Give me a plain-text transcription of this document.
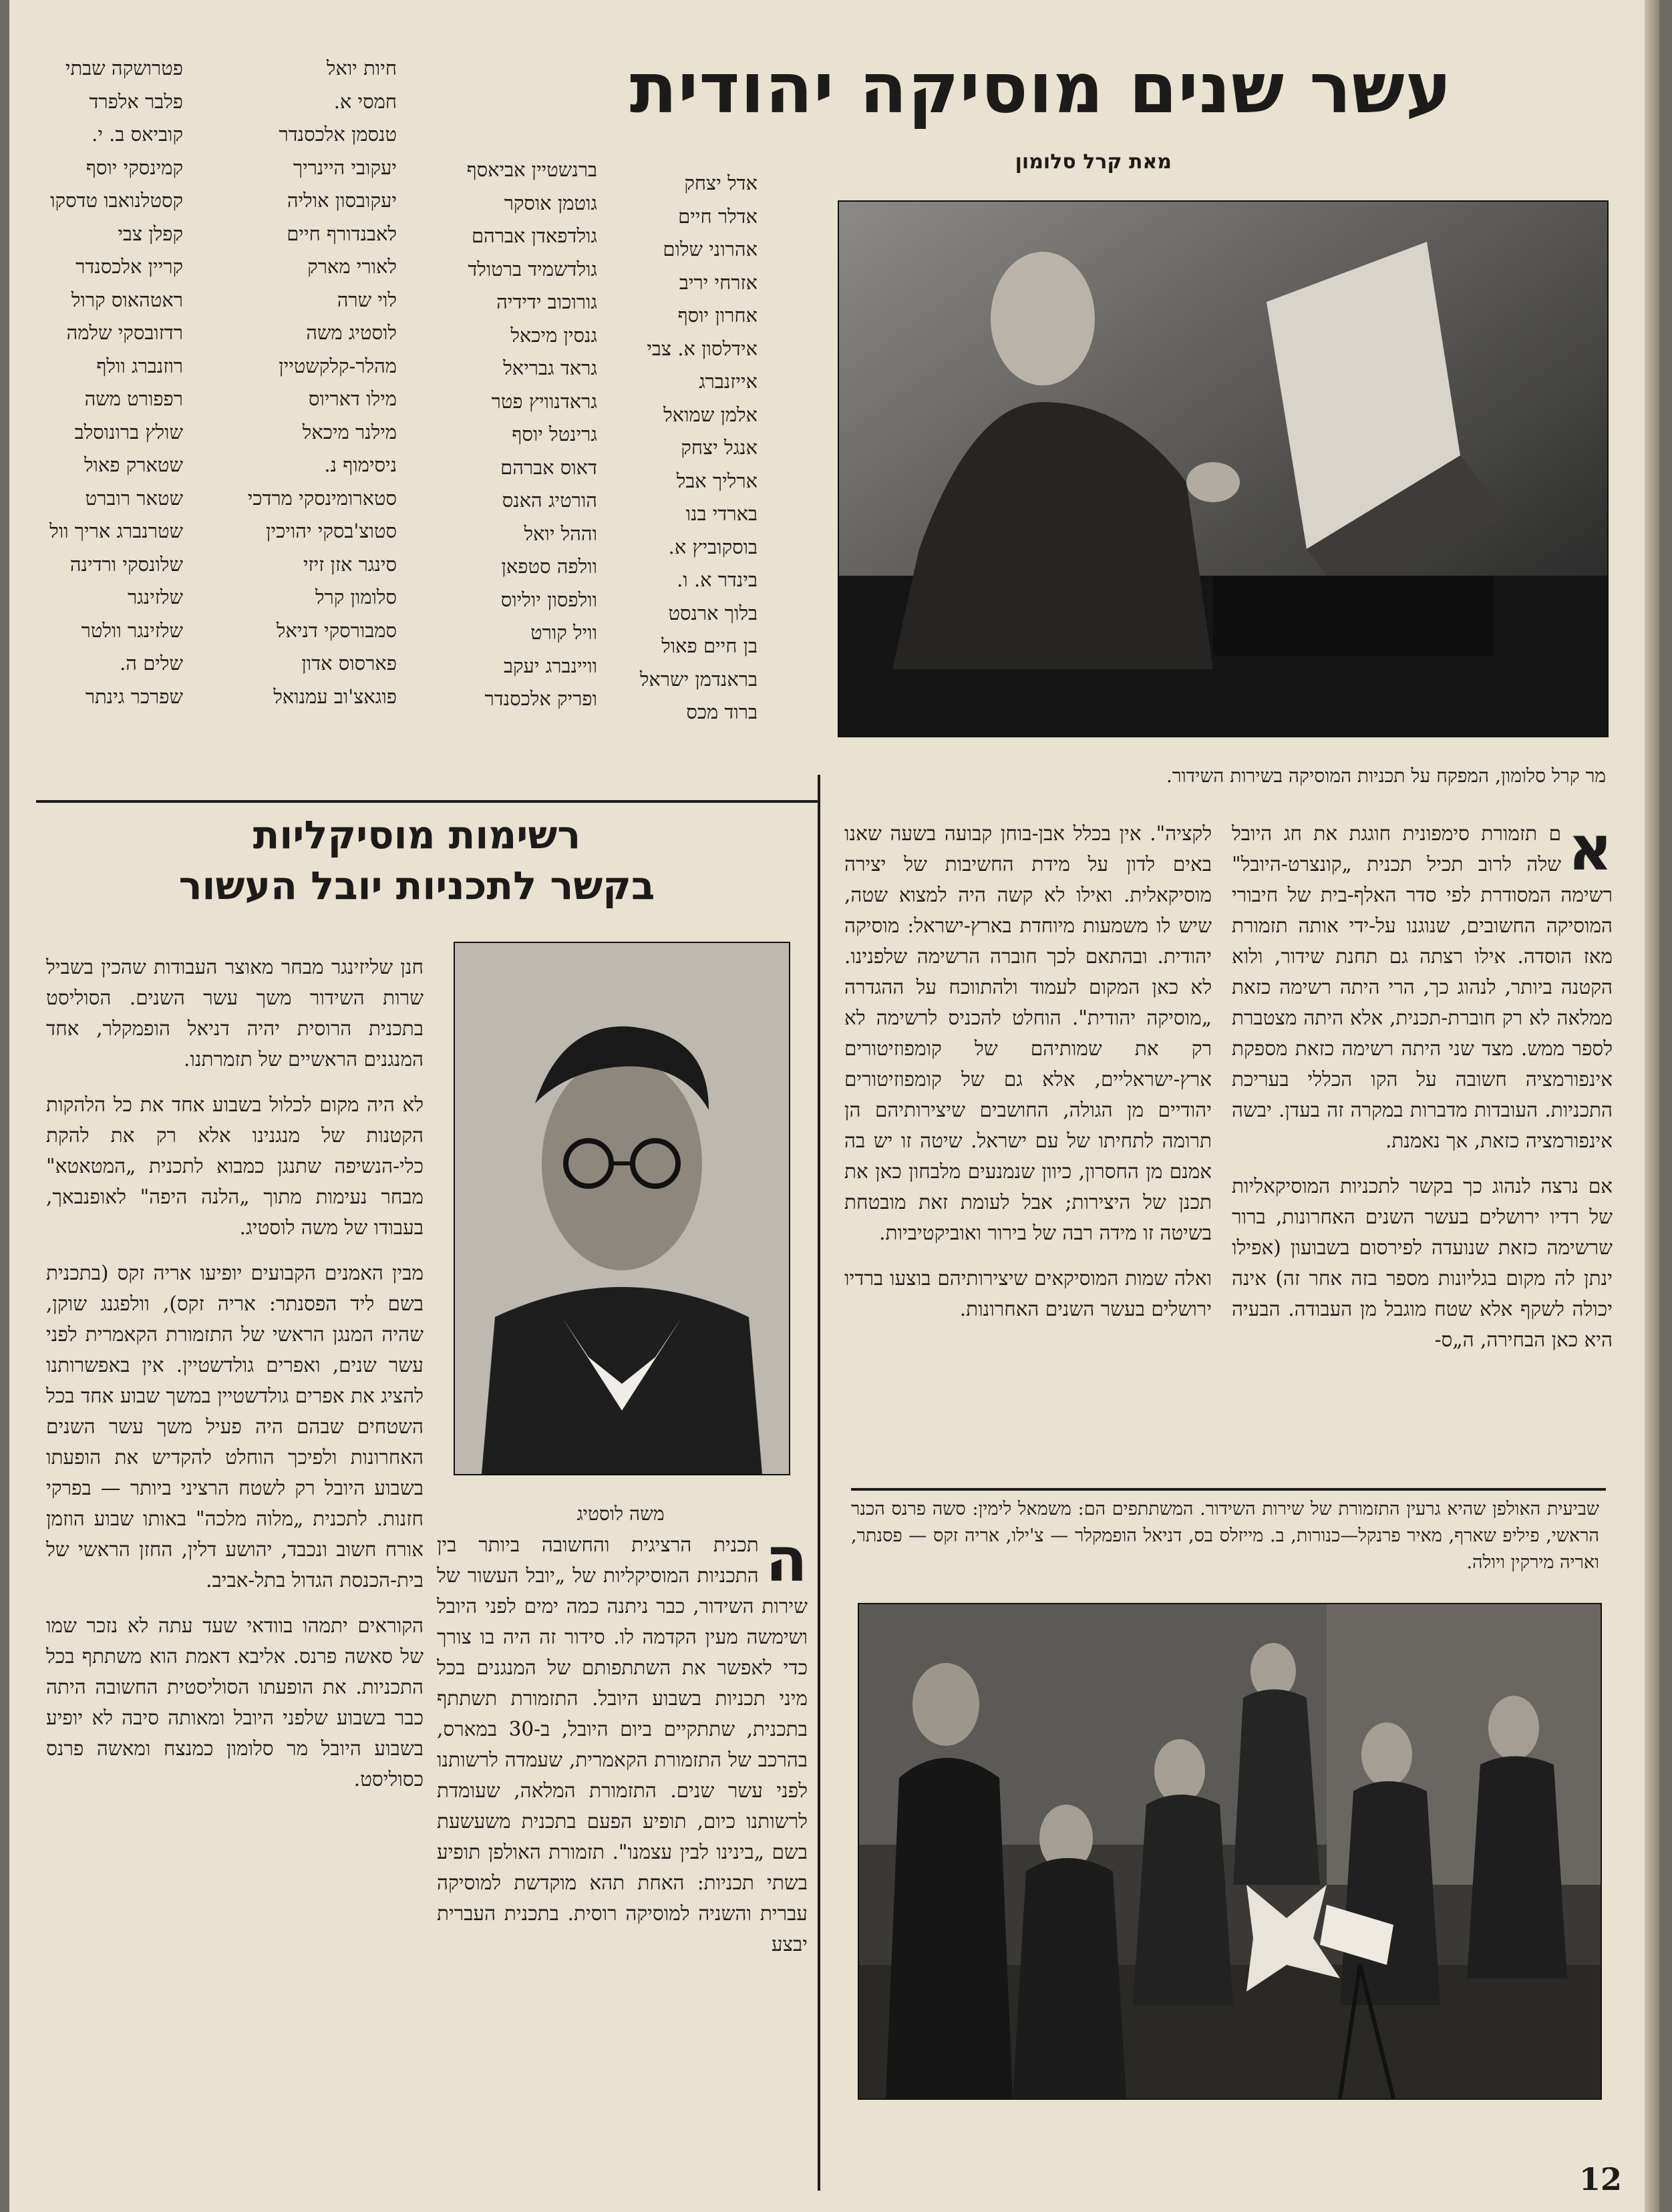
עשר שנים מוסיקה יהודית
מאת קרל סלומון
אדל יצחק
אדלר חיים
אהרוני שלום
אזרחי יריב
אחרון יוסף
אידלסון א. צבי
אייזנברג
אלמן שמואל
אנגל יצחק
ארליך אבל
בארדי בנו
בוסקוביץ א.
בינדר א. ו.
בלוך ארנסט
בן חיים פאול
בראנדמן ישראל
ברוד מכס
ברנשטיין אביאסף
גוטמן אוסקר
גולדפאדן אברהם
גולדשמיד ברטולד
גורוכוב ידידיה
גנסין מיכאל
גראד גבריאל
גראדנוויץ פטר
גרינטל יוסף
דאוס אברהם
הורטיג האנס
וההל יואל
וולפה סטפאן
וולפסון יוליוס
וויל קורט
וויינברג יעקב
ופריק אלכסנדר
חיות יואל
חמסי א.
טנסמן אלכסנדר
יעקובי היינריך
יעקובסון אוליה
לאבנדורף חיים
לאורי מארק
לוי שרה
לוסטיג משה
מהלר-קלקשטיין
מילו דאריוס
מילנר מיכאל
ניסימוף נ.
סטארומינסקי מרדכי
סטוצ'בסקי יהויכין
סינגר אזן זיזי
סלומון קרל
סמבורסקי דניאל
פארסוס אדון
פוגאצ'וב עמנואל
פטרושקה שבתי
פלבר אלפרד
קוביאס ב. י.
קמינסקי יוסף
קסטלנואבו טדסקו
קפלן צבי
קריין אלכסנדר
ראטהאוס קרול
רדזובסקי שלמה
רוזנברג וולף
רפפורט משה
שולץ ברונוסלב
שטארק פאול
שטאר רוברט
שטרנברג אריך וול
שלונסקי ורדינה
שלזינגר
שלזינגר וולטר
שלים ה.
שפרכר גינתר
מר קרל סלומון, המפקח על תכניות המוסיקה בשירות השידור.

א
ם תזמורת סימפונית חוגגת את חג היובל שלה לרוב תכיל תכנית „קונצרט-היובל" רשימה המסודרת לפי סדר האלף-בית של חיבורי המוסיקה החשובים, שנוגנו על-ידי אותה תזמורת מאז הוסדה. אילו רצתה גם תחנת שידור, ולוא הקטנה ביותר, לנהוג כך, הרי היתה רשימה כזאת ממלאה לא רק חוברת-תכנית, אלא היתה מצטברת לספר ממש. מצד שני היתה רשימה כזאת מספקת אינפורמציה חשובה על הקו הכללי בעריכת התכניות. העובדות מדברות במקרה זה בעדן. יבשה אינפורמציה כזאת, אך נאמנת.

אם נרצה לנהוג כך בקשר לתכניות המוסיקאליות של רדיו ירושלים בעשר השנים האחרונות, ברור שרשימה כזאת שנועדה לפירסום בשבועון (אפילו ינתן לה מקום בגליונות מספר בזה אחר זה) אינה יכולה לשקף אלא שטח מוגבל מן העבודה. הבעיה היא כאן הבחירה, ה„ס-

לקציה". אין בכלל אבן-בוחן קבועה בשעה שאנו באים לדון על מידת החשיבות של יצירה מוסיקאלית. ואילו לא קשה היה למצוא שטה, שיש לו משמעות מיוחדת בארץ-ישראל: מוסיקה יהודית. ובהתאם לכך חוברה הרשימה שלפנינו. לא כאן המקום לעמוד ולהתווכח על ההגדרה „מוסיקה יהודית". הוחלט להכניס לרשימה לא רק את שמותיהם של קומפוזיטורים ארץ-ישראליים, אלא גם של קומפוזיטורים יהודיים מן הגולה, החושבים שיצירותיהם הן תרומה לתחיתו של עם ישראל. שיטה זו יש בה אמנם מן החסרון, כיוון שנמנעים מלבחון כאן את תכנן של היצירות; אבל לעומת זאת מובטחת בשיטה זו מידה רבה של בירור ואוביקטיביות.

ואלה שמות המוסיקאים שיצירותיהם בוצעו ברדיו ירושלים בעשר השנים האחרונות.

שביעית האולפן שהיא גרעין התזמורת של שירות השידור. המשתתפים הם: משמאל לימין: סשה פרנס הכנר הראשי, פיליפ שארף, מאיר פרנקל—כנורות, ב. מייזלס בס, דניאל הופמקלר — צ'ילו, אריה זקס — פסנתר, ואריה מירקין ויולה.
רשימות מוסיקליות
בקשר לתכניות יובל העשור
משה לוסטיג

ה
תכנית הרציגית והחשובה ביותר בין התכניות המוסיקליות של „יובל העשור של שירות השידור, כבר ניתנה כמה ימים לפני היובל ושימשה מעין הקדמה לו. סידור זה היה בו צורך כדי לאפשר את השתתפותם של המנגנים בכל מיני תכניות בשבוע היובל. התזמורת תשתתף בתכנית, שתתקיים ביום היובל, ב-30 במארס, בהרכב של התזמורת הקאמרית, שעמדה לרשותנו לפני עשר שנים. התזמורת המלאה, שעומדת לרשותנו כיום, תופיע הפעם בתכנית משעשעת בשם „בינינו לבין עצמנו". תזמורת האולפן תופיע בשתי תכניות: האחת תהא מוקדשת למוסיקה עברית והשניה למוסיקה רוסית. בתכנית העברית יבצע

חנן שליזינגר מבחר מאוצר העבודות שהכין בשביל שרות השידור משך עשר השנים. הסוליסט בתכנית הרוסית יהיה דניאל הופמקלר, אחד המנגנים הראשיים של תזמרתנו.

לא היה מקום לכלול בשבוע אחד את כל הלהקות הקטנות של מנגנינו אלא רק את להקת כלי-הנשיפה שתנגן כמבוא לתכנית „המטאטא" מבחר נעימות מתוך „הלנה היפה" לאופנבאך, בעבודו של משה לוסטיג.

מבין האמנים הקבועים יופיעו אריה זקס (בתכנית בשם ליד הפסנתר: אריה זקס), וולפגנג שוקן, שהיה המנגן הראשי של התזמורת הקאמרית לפני עשר שנים, ואפרים גולדשטיין. אין באפשרותנו להציג את אפרים גולדשטיין במשך שבוע אחד בכל השטחים שבהם היה פעיל משך עשר השנים האחרונות ולפיכך הוחלט להקדיש את הופעתו בשבוע היובל רק לשטח הרציני ביותר — בפרקי חזנות. לתכנית „מלוה מלכה" באותו שבוע הוזמן אורח חשוב ונכבד, יהושע דלין, החזן הראשי של בית-הכנסת הגדול בתל-אביב.

הקוראים יתמהו בוודאי שעד עתה לא נזכר שמו של סאשה פרנס. אליבא דאמת הוא משתתף בכל התכניות. את הופעתו הסוליסטית החשובה היתה כבר בשבוע שלפני היובל ומאותה סיבה לא יופיע בשבוע היובל מר סלומון כמנצח ומאשה פרנס כסוליסט.

12
